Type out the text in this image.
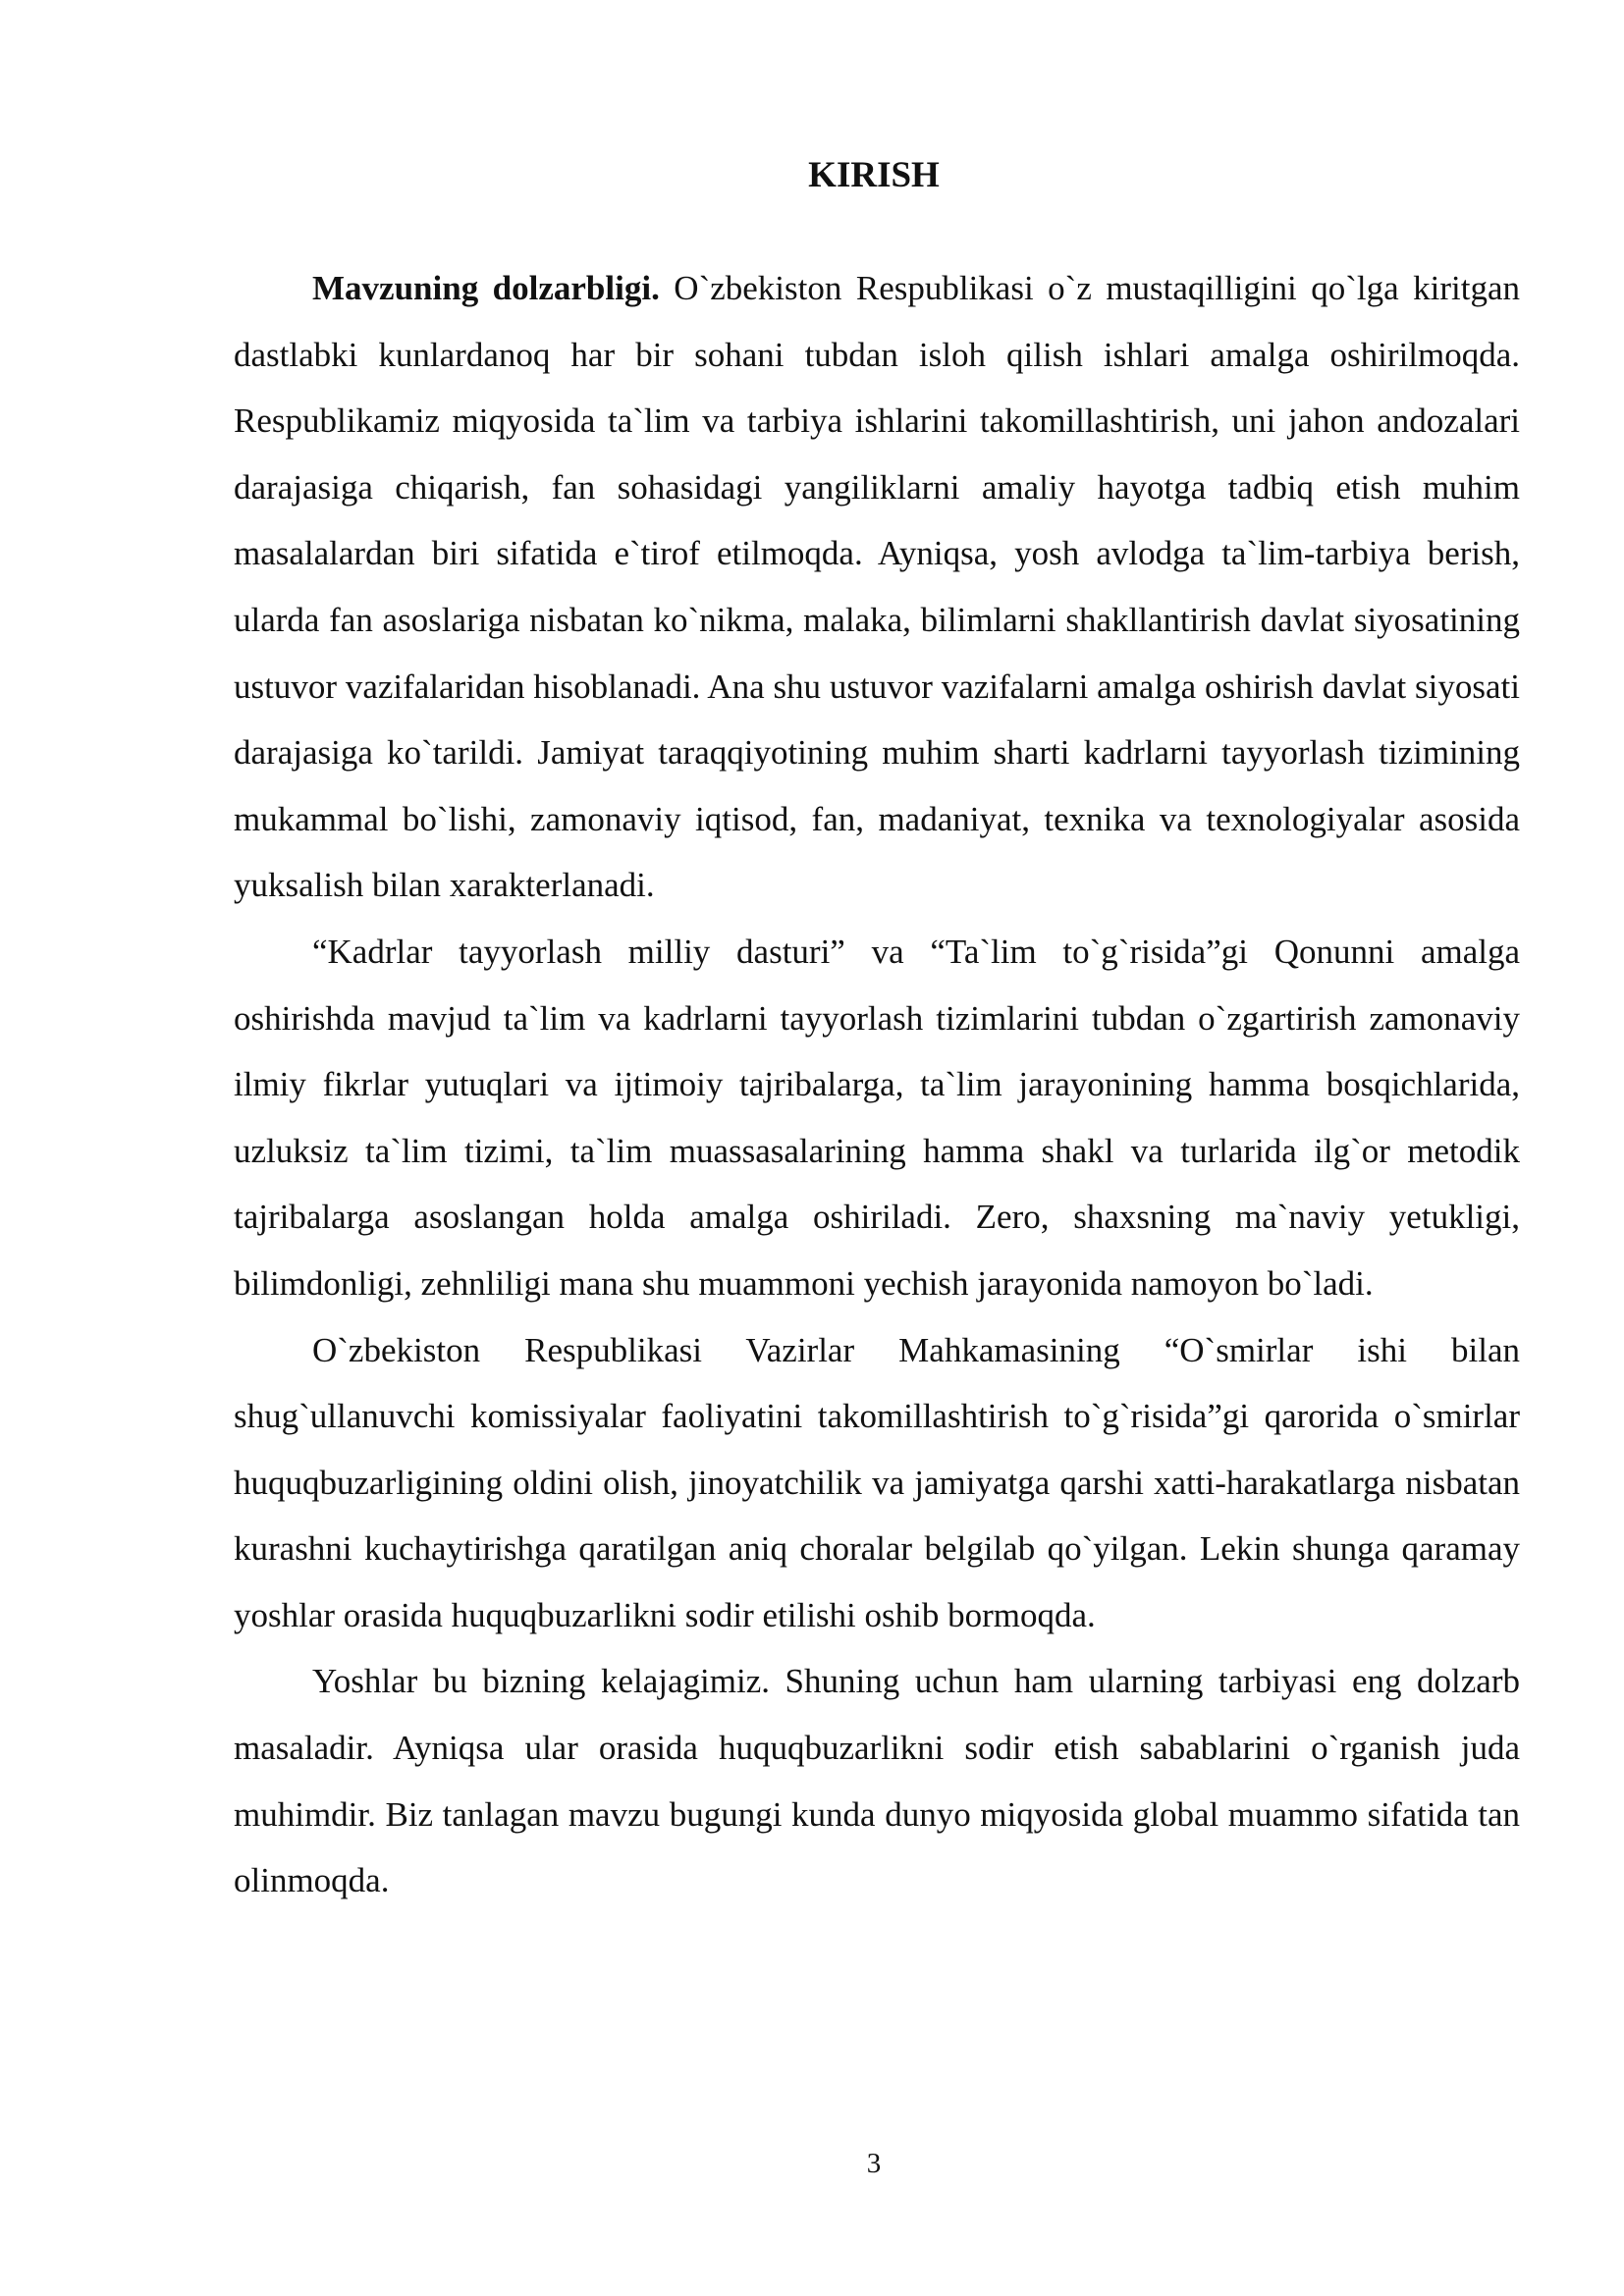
KIRISH

Mavzuning dolzarbligi. O`zbekiston Respublikasi o`z mustaqilligini qo`lga kiritgan dastlabki kunlardanoq har bir sohani tubdan isloh qilish ishlari amalga oshirilmoqda. Respublikamiz miqyosida ta`lim va tarbiya ishlarini takomillashtirish, uni jahon andozalari darajasiga chiqarish, fan sohasidagi yangiliklarni amaliy hayotga tadbiq etish muhim masalalardan biri sifatida e`tirof etilmoqda. Ayniqsa, yosh avlodga ta`lim-tarbiya berish, ularda fan asoslariga nisbatan ko`nikma, malaka, bilimlarni shakllantirish davlat siyosatining ustuvor vazifalaridan hisoblanadi. Ana shu ustuvor vazifalarni amalga oshirish davlat siyosati darajasiga ko`tarildi. Jamiyat taraqqiyotining muhim sharti kadrlarni tayyorlash tizimining mukammal bo`lishi, zamonaviy iqtisod, fan, madaniyat, texnika va texnologiyalar asosida yuksalish bilan xarakterlanadi.

“Kadrlar tayyorlash milliy dasturi” va “Ta`lim to`g`risida”gi Qonunni amalga oshirishda mavjud ta`lim va kadrlarni tayyorlash tizimlarini tubdan o`zgartirish zamonaviy ilmiy fikrlar yutuqlari va ijtimoiy tajribalarga, ta`lim jarayonining hamma bosqichlarida, uzluksiz ta`lim tizimi, ta`lim muassasalarining hamma shakl va turlarida ilg`or metodik tajribalarga asoslangan holda amalga oshiriladi. Zero, shaxsning ma`naviy yetukligi, bilimdonligi, zehnliligi mana shu muammoni yechish jarayonida namoyon bo`ladi.

O`zbekiston Respublikasi Vazirlar Mahkamasining “O`smirlar ishi bilan shug`ullanuvchi komissiyalar faoliyatini takomillashtirish to`g`risida”gi qarorida o`smirlar huquqbuzarligining oldini olish, jinoyatchilik va jamiyatga qarshi xatti-harakatlarga nisbatan kurashni kuchaytirishga qaratilgan aniq choralar belgilab qo`yilgan. Lekin shunga qaramay yoshlar orasida huquqbuzarlikni sodir etilishi oshib bormoqda.

Yoshlar bu bizning kelajagimiz. Shuning uchun ham ularning tarbiyasi eng dolzarb masaladir. Ayniqsa ular orasida huquqbuzarlikni sodir etish sabablarini o`rganish juda muhimdir. Biz tanlagan mavzu bugungi kunda dunyo miqyosida global muammo sifatida tan olinmoqda.

3
